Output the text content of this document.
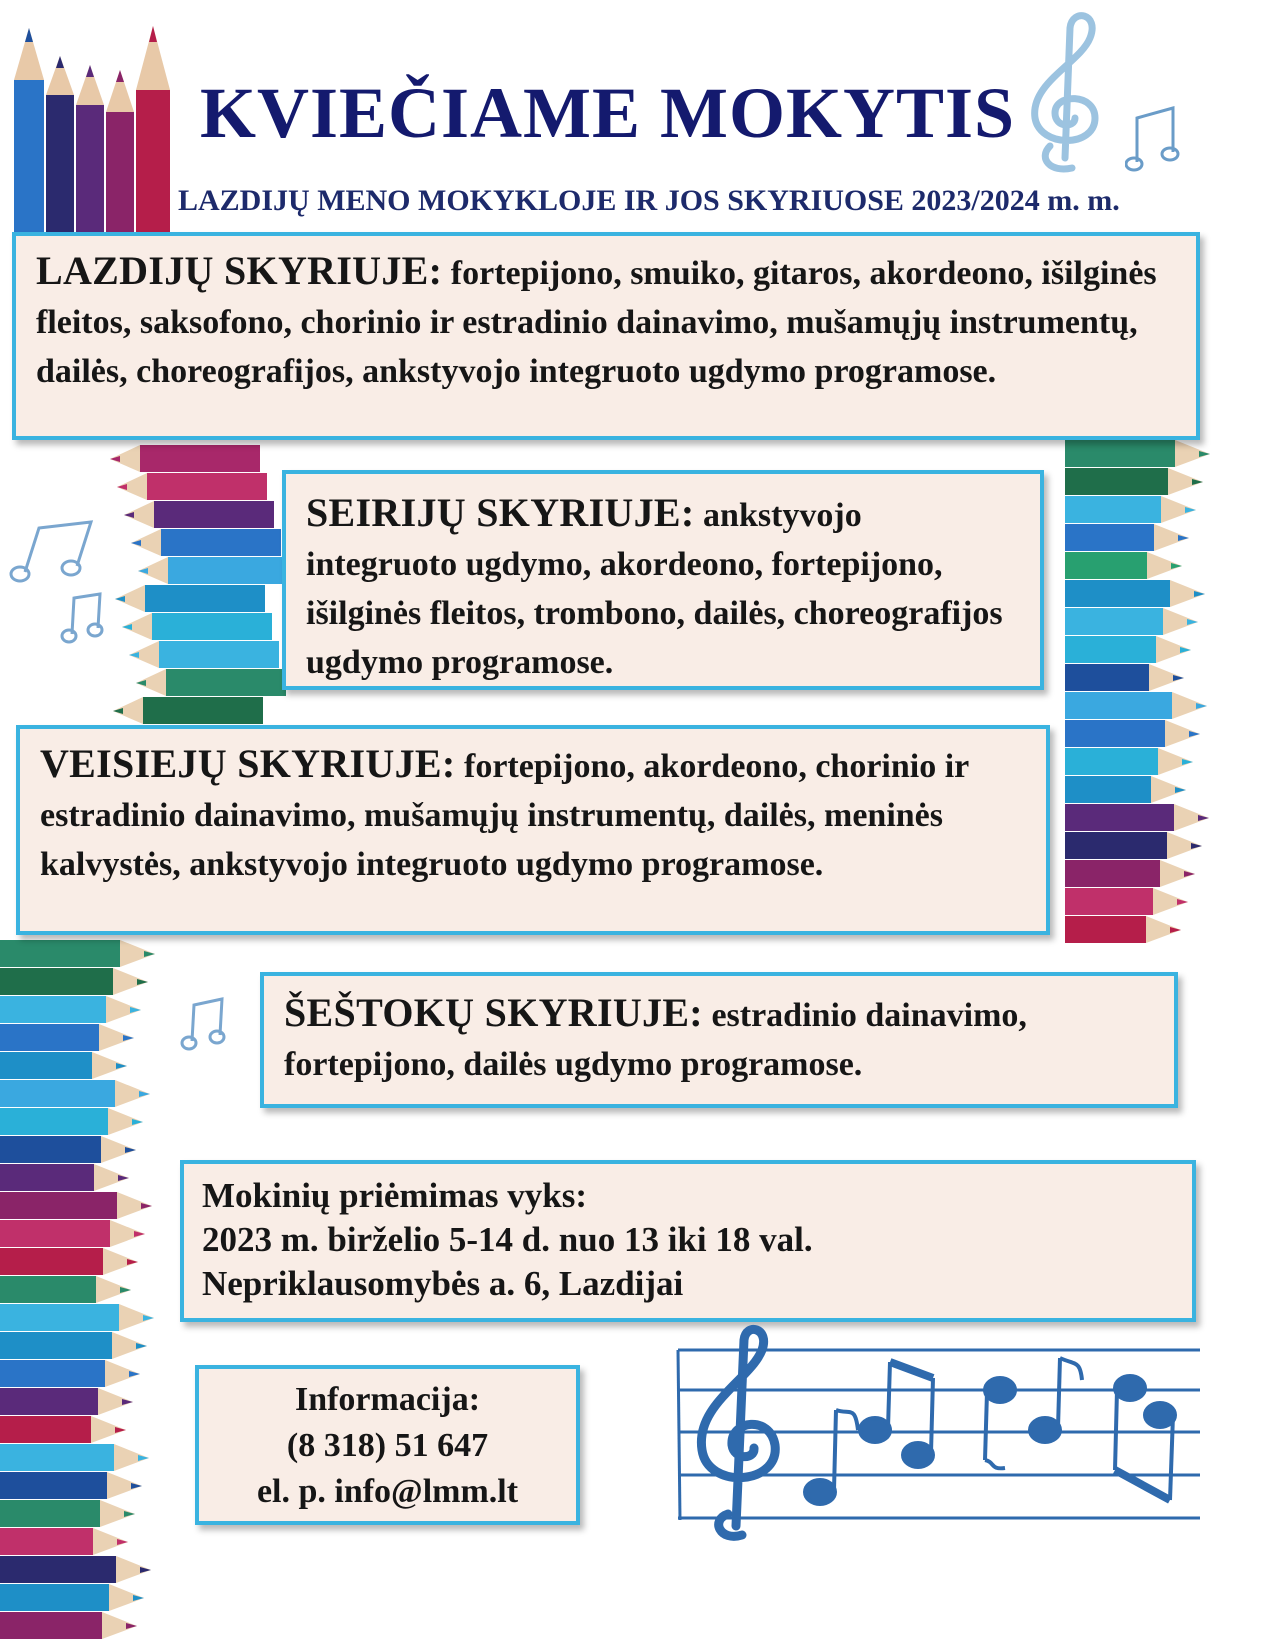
KVIEČIAME MOKYTIS
LAZDIJŲ MENO MOKYKLOJE IR JOS SKYRIUOSE 2023/2024 m. m.
LAZDIJŲ SKYRIUJE: fortepijono, smuiko, gitaros, akordeono, išilginės fleitos, saksofono, chorinio ir estradinio dainavimo, mušamųjų instrumentų, dailės, choreografijos, ankstyvojo integruoto ugdymo programose.
SEIRIJŲ SKYRIUJE: ankstyvojo integruoto ugdymo, akordeono, fortepijono, išilginės fleitos, trombono, dailės, choreografijos ugdymo programose.
VEISIEJŲ SKYRIUJE: fortepijono, akordeono, chorinio ir estradinio dainavimo, mušamųjų instrumentų, dailės, meninės kalvystės, ankstyvojo integruoto ugdymo programose.
ŠEŠTOKŲ SKYRIUJE: estradinio dainavimo, fortepijono, dailės ugdymo programose.
Mokinių priėmimas vyks:
2023 m. birželio 5-14 d. nuo 13 iki 18 val.
Nepriklausomybės a. 6, Lazdijai
Informacija:
(8 318) 51 647
el. p. info@lmm.lt
